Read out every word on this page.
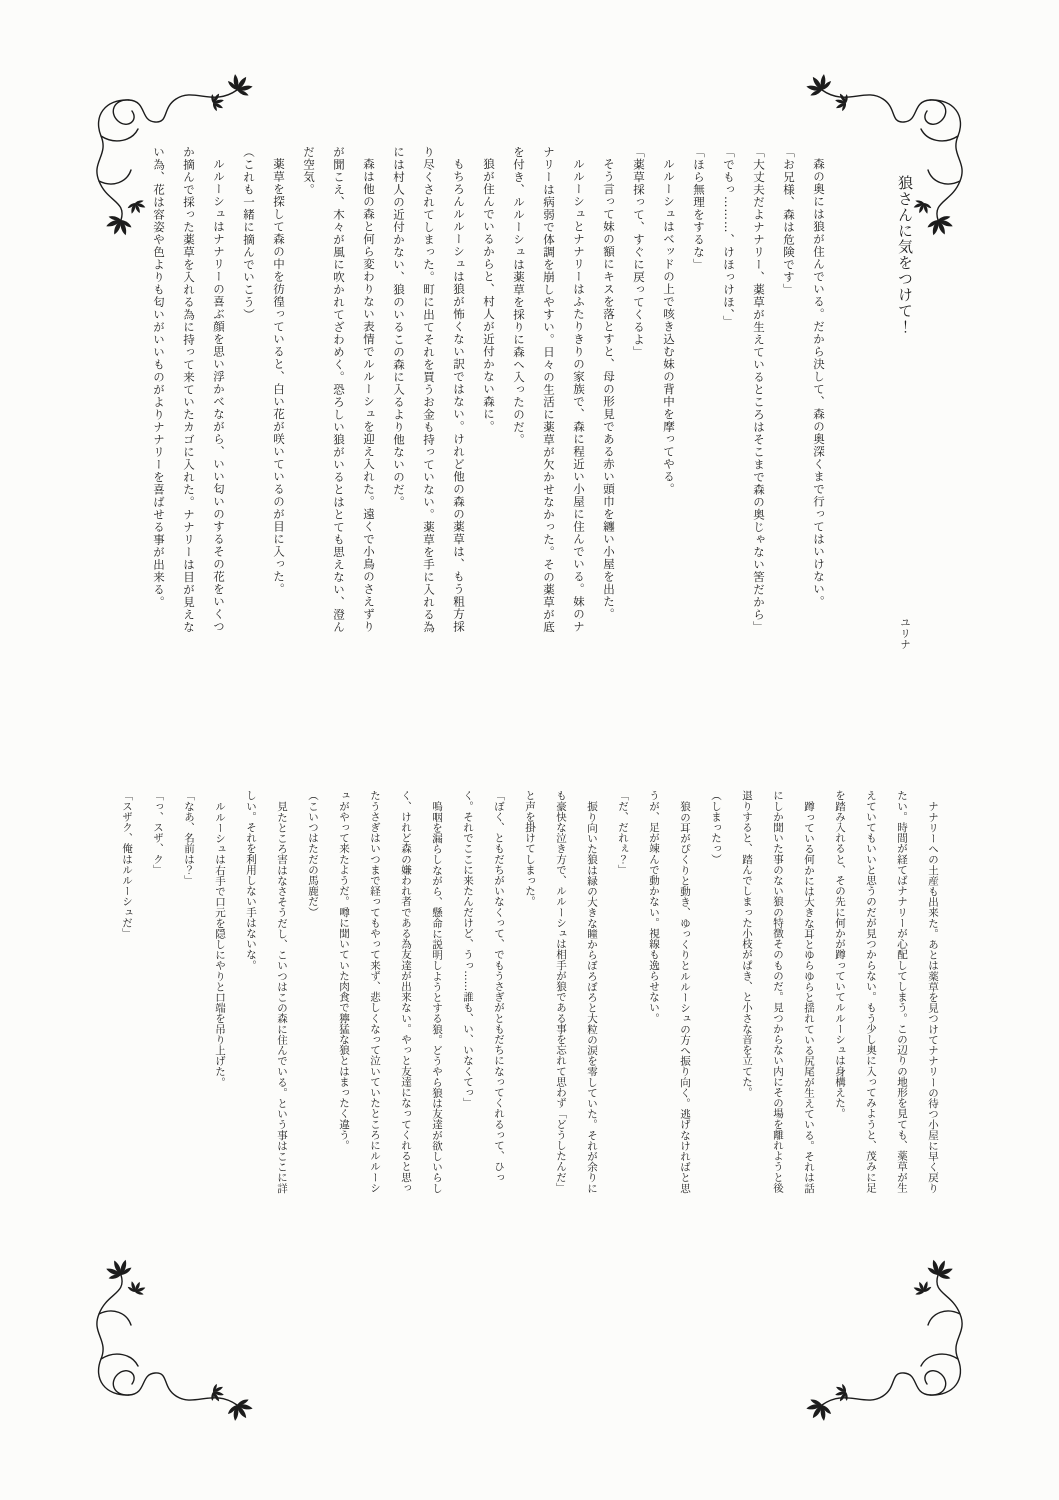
狼さんに気をつけて！
ユリナ

森の奥には狼が住んでいる。だから決して、森の奥深くまで行ってはいけない。

「お兄様、森は危険です」

「大丈夫だよナナリー、薬草が生えているところはそこまで森の奥じゃない筈だから」

「でもっ………、けほっけほ、」

「ほら無理をするな」

ルルーシュはベッドの上で咳き込む妹の背中を摩ってやる。

「薬草採って、すぐに戻ってくるよ」

そう言って妹の額にキスを落とすと、母の形見である赤い頭巾を纏い小屋を出た。

ルルーシュとナナリーはふたりきりの家族で、森に程近い小屋に住んでいる。妹のナナリーは病弱で体調を崩しやすい。日々の生活に薬草が欠かせなかった。その薬草が底を付き、ルルーシュは薬草を採りに森へ入ったのだ。

狼が住んでいるからと、村人が近付かない森に。

もちろんルルーシュは狼が怖くない訳ではない。けれど他の森の薬草は、もう粗方採り尽くされてしまった。町に出てそれを買うお金も持っていない。薬草を手に入れる為には村人の近付かない、狼のいるこの森に入るより他ないのだ。

森は他の森と何ら変わりない表情でルルーシュを迎え入れた。遠くで小鳥のさえずりが聞こえ、木々が風に吹かれてざわめく。恐ろしい狼がいるとはとても思えない、澄んだ空気。

薬草を探して森の中を彷徨っていると、白い花が咲いているのが目に入った。

（これも一緒に摘んでいこう）

ルルーシュはナナリーの喜ぶ顔を思い浮かべながら、いい匂いのするその花をいくつか摘んで採った薬草を入れる為に持って来ていたカゴに入れた。ナナリーは目が見えない為、花は容姿や色よりも匂いがいいものがよりナナリーを喜ばせる事が出来る。

ナナリーへの土産も出来た。あとは薬草を見つけてナナリーの待つ小屋に早く戻りたい。時間が経てばナナリーが心配してしまう。この辺りの地形を見ても、薬草が生えていてもいいと思うのだが見つからない。もう少し奥に入ってみようと、茂みに足を踏み入れると、その先に何かが蹲っていてルルーシュは身構えた。

蹲っている何かには大きな耳とゆらゆらと揺れている尻尾が生えている。それは話にしか聞いた事のない狼の特徴そのものだ。見つからない内にその場を離れようと後退りすると、踏んでしまった小枝がぱき、と小さな音を立てた。

（しまったっ）

狼の耳がぴくりと動き、ゆっくりとルルーシュの方へ振り向く。逃げなければと思うが、足が竦んで動かない。視線も逸らせない。

「だ、だれぇ？」

振り向いた狼は緑の大きな瞳からぼろぼろと大粒の涙を零していた。それが余りにも豪快な泣き方で、ルルーシュは相手が狼である事を忘れて思わず「どうしたんだ」と声を掛けてしまった。

「ぼく、ともだちがいなくって、でもうさぎがともだちになってくれるって、ひっく。それでここに来たんだけど、うっ……誰も、い、いなくてっ」

嗚咽を漏らしながら、懸命に説明しようとする狼。どうやら狼は友達が欲しいらしく、けれど森の嫌われ者である為友達が出来ない。やっと友達になってくれると思ったうさぎはいつまで経ってもやって来ず、悲しくなって泣いていたところにルルーシュがやって来たようだ。噂に聞いていた肉食で獰猛な狼とはまったく違う。

（こいつはただの馬鹿だ）

見たところ害はなさそうだし、こいつはこの森に住んでいる。という事はここに詳しい。それを利用しない手はないな。

ルルーシュは右手で口元を隠しにやりと口端を吊り上げた。

「なあ、名前は？」

「っ、スザ、ク」

「スザク、俺はルルーシュだ」
